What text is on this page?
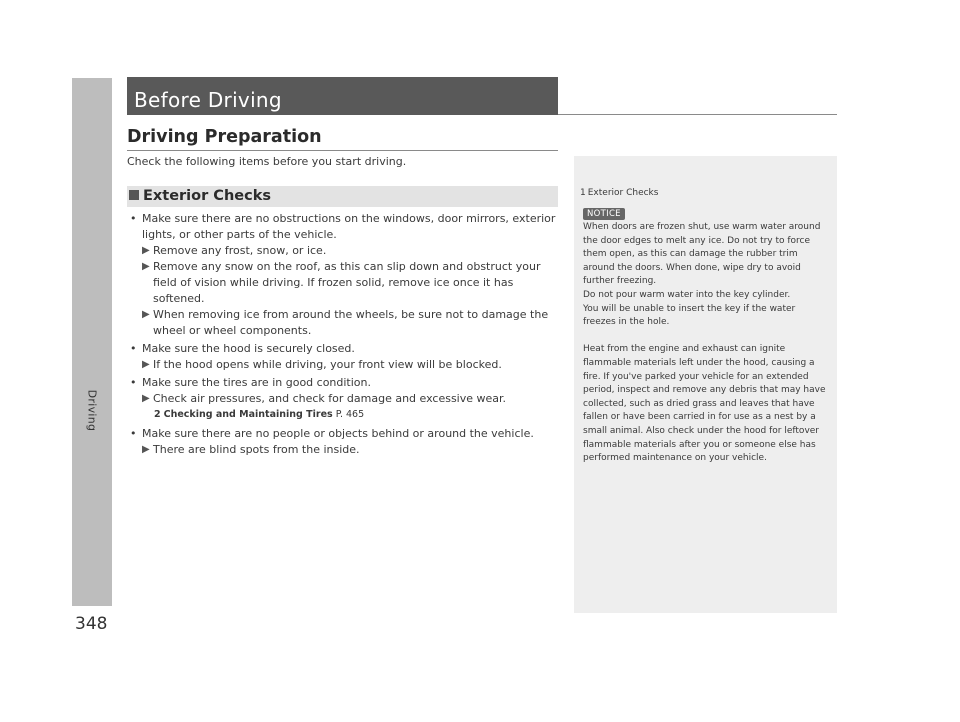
Driving
348
Before Driving
Driving Preparation
Check the following items before you start driving.
Exterior Checks
• Make sure there are no obstructions on the windows, door mirrors, exterior lights, or other parts of the vehicle.
▶ Remove any frost, snow, or ice.
▶ Remove any snow on the roof, as this can slip down and obstruct your field of vision while driving. If frozen solid, remove ice once it has softened.
▶ When removing ice from around the wheels, be sure not to damage the wheel or wheel components.
• Make sure the hood is securely closed.
▶ If the hood opens while driving, your front view will be blocked.
• Make sure the tires are in good condition.
▶ Check air pressures, and check for damage and excessive wear.
2 Checking and Maintaining Tires P. 465
• Make sure there are no people or objects behind or around the vehicle.
▶ There are blind spots from the inside.
1 Exterior Checks
NOTICE

When doors are frozen shut, use warm water around

the door edges to melt any ice. Do not try to force

them open, as this can damage the rubber trim

around the doors. When done, wipe dry to avoid

further freezing.

Do not pour warm water into the key cylinder.

You will be unable to insert the key if the water

freezes in the hole.

Heat from the engine and exhaust can ignite

flammable materials left under the hood, causing a

fire. If you've parked your vehicle for an extended

period, inspect and remove any debris that may have

collected, such as dried grass and leaves that have

fallen or have been carried in for use as a nest by a

small animal. Also check under the hood for leftover

flammable materials after you or someone else has

performed maintenance on your vehicle.
